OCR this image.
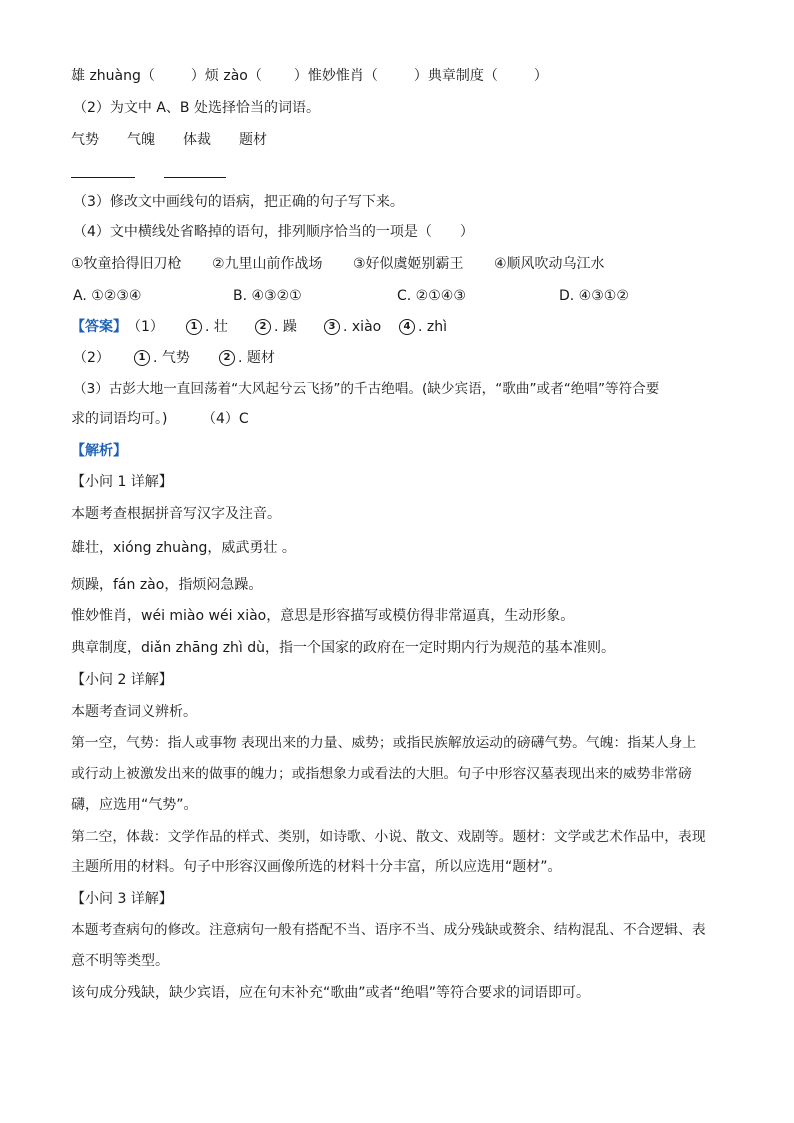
雄 zhuàng（	）烦 zào（ ）惟妙惟肖（	）典章制度（	）
（2）为文中 A、B 处选择恰当的词语。
气势 气魄 体裁 题材
（3）修改文中画线句的语病，把正确的句子写下来。
（4）文中横线处省略掉的语句，排列顺序恰当的一项是（　　）
①牧童拾得旧刀枪 ②九里山前作战场 ③好似虞姬别霸王 ④顺风吹动乌江水
A. ①②③④	B. ④③②①	C. ②①④③	D. ④③①②
【答案】 （1）	1 . 壮	2 . 躁	3 . xiào	4 . zhì
（2）	1 . 气势	2 . 题材
（3）古彭大地一直回荡着“大风起兮云飞扬”的千古绝唱。(缺少宾语，“歌曲”或者“绝唱”等符合要
求的词语均可。) （4）C
【解析】
【小问 1 详解】
本题考查根据拼音写汉字及注音。
雄壮，xióng zhuàng，威武勇壮 。
烦躁，fán zào，指烦闷急躁。
惟妙惟肖，wéi miào wéi xiào，意思是形容描写或模仿得非常逼真，生动形象。
典章制度，diǎn zhāng zhì dù，指一个国家的政府在一定时期内行为规范的基本准则。
【小问 2 详解】
本题考查词义辨析。
第一空，气势：指人或事物 表现出来的力量、威势；或指民族解放运动的磅礴气势。气魄：指某人身上
或行动上被激发出来的做事的魄力；或指想象力或看法的大胆。句子中形容汉墓表现出来的威势非常磅
礴，应选用“气势”。
第二空，体裁：文学作品的样式、类别，如诗歌、小说、散文、戏剧等。题材：文学或艺术作品中，表现
主题所用的材料。句子中形容汉画像所选的材料十分丰富，所以应选用“题材”。
【小问 3 详解】
本题考查病句的修改。注意病句一般有搭配不当、语序不当、成分残缺或赘余、结构混乱、不合逻辑、表
意不明等类型。
该句成分残缺，缺少宾语，应在句末补充“歌曲”或者“绝唱”等符合要求的词语即可。
